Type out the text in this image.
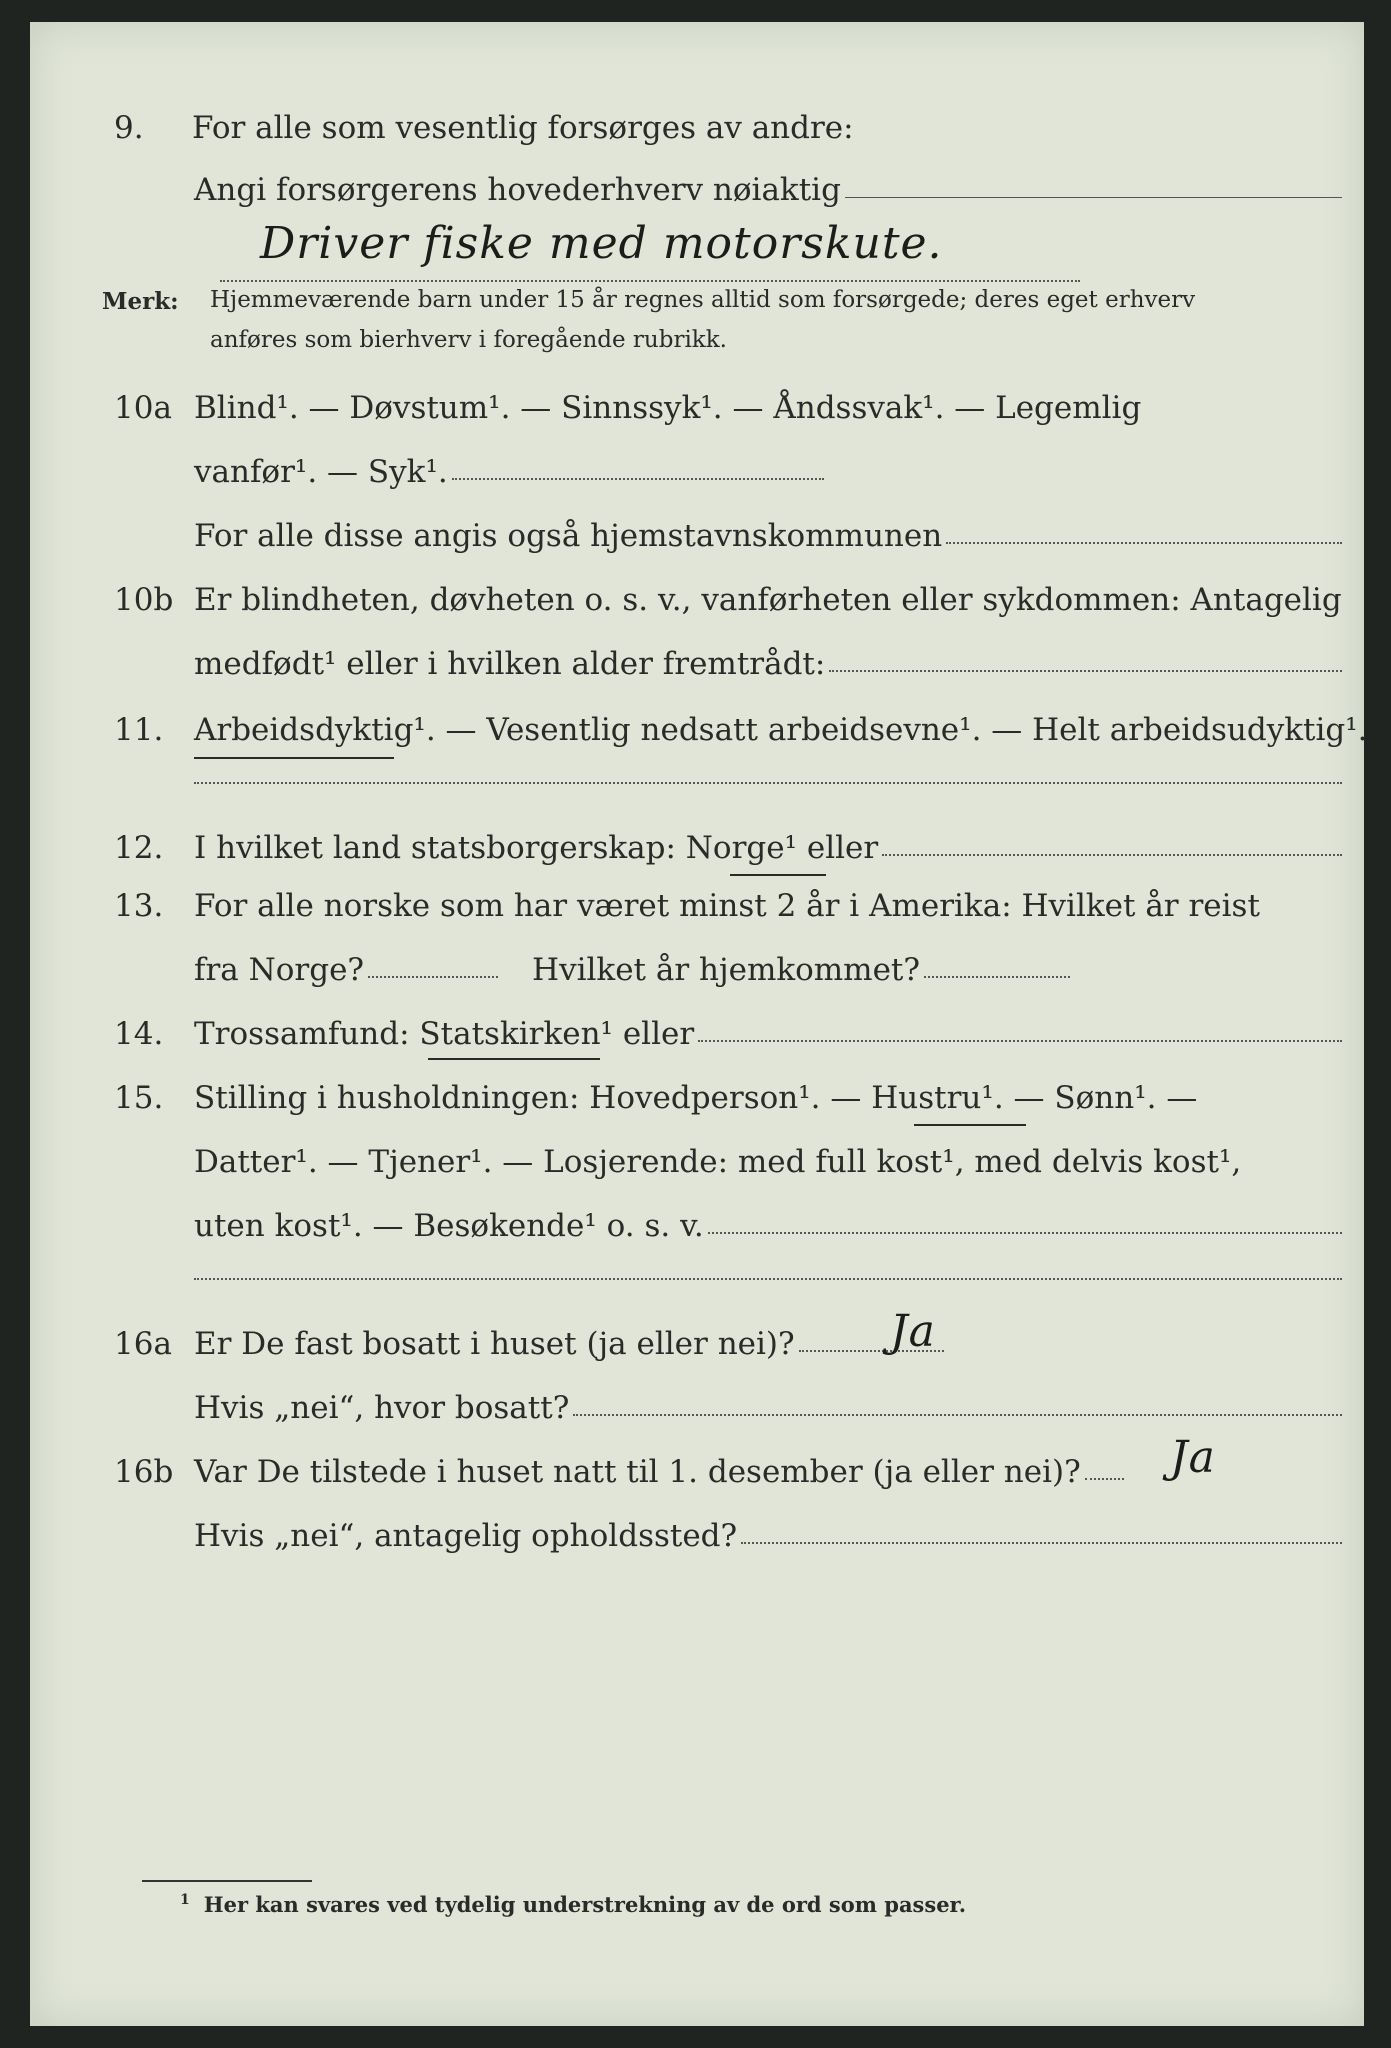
9. For alle som vesentlig forsørges av andre:
Angi forsørgerens hovederhverv nøiaktig
Driver fiske med motorskute.
Merk: Hjemmeværende barn under 15 år regnes alltid som forsørgede; deres eget erhverv
anføres som bierhverv i foregående rubrikk.
10a Blind¹. — Døvstum¹. — Sinnssyk¹. — Åndssvak¹. — Legemlig
vanfør¹. — Syk¹.
For alle disse angis også hjemstavnskommunen
10b Er blindheten, døvheten o. s. v., vanførheten eller sykdommen: Antagelig
medfødt¹ eller i hvilken alder fremtrådt:
11. Arbeidsdyktig¹. — Vesentlig nedsatt arbeidsevne¹. — Helt arbeidsudyktig¹.
12. I hvilket land statsborgerskap: Norge¹ eller
13. For alle norske som har været minst 2 år i Amerika: Hvilket år reist
fra Norge?	Hvilket år hjemkommet?
14. Trossamfund: Statskirken¹ eller
15. Stilling i husholdningen: Hovedperson¹. — Hustru¹. — Sønn¹. —
Datter¹. — Tjener¹. — Losjerende: med full kost¹, med delvis kost¹,
uten kost¹. — Besøkende¹ o. s. v.
16a Er De fast bosatt i huset (ja eller nei)? Ja
Hvis „nei“, hvor bosatt?
16b Var De tilstede i huset natt til 1. desember (ja eller nei)? Ja
Hvis „nei“, antagelig opholdssted?
$^1$ Her kan svares ved tydelig understrekning av de ord som passer.
